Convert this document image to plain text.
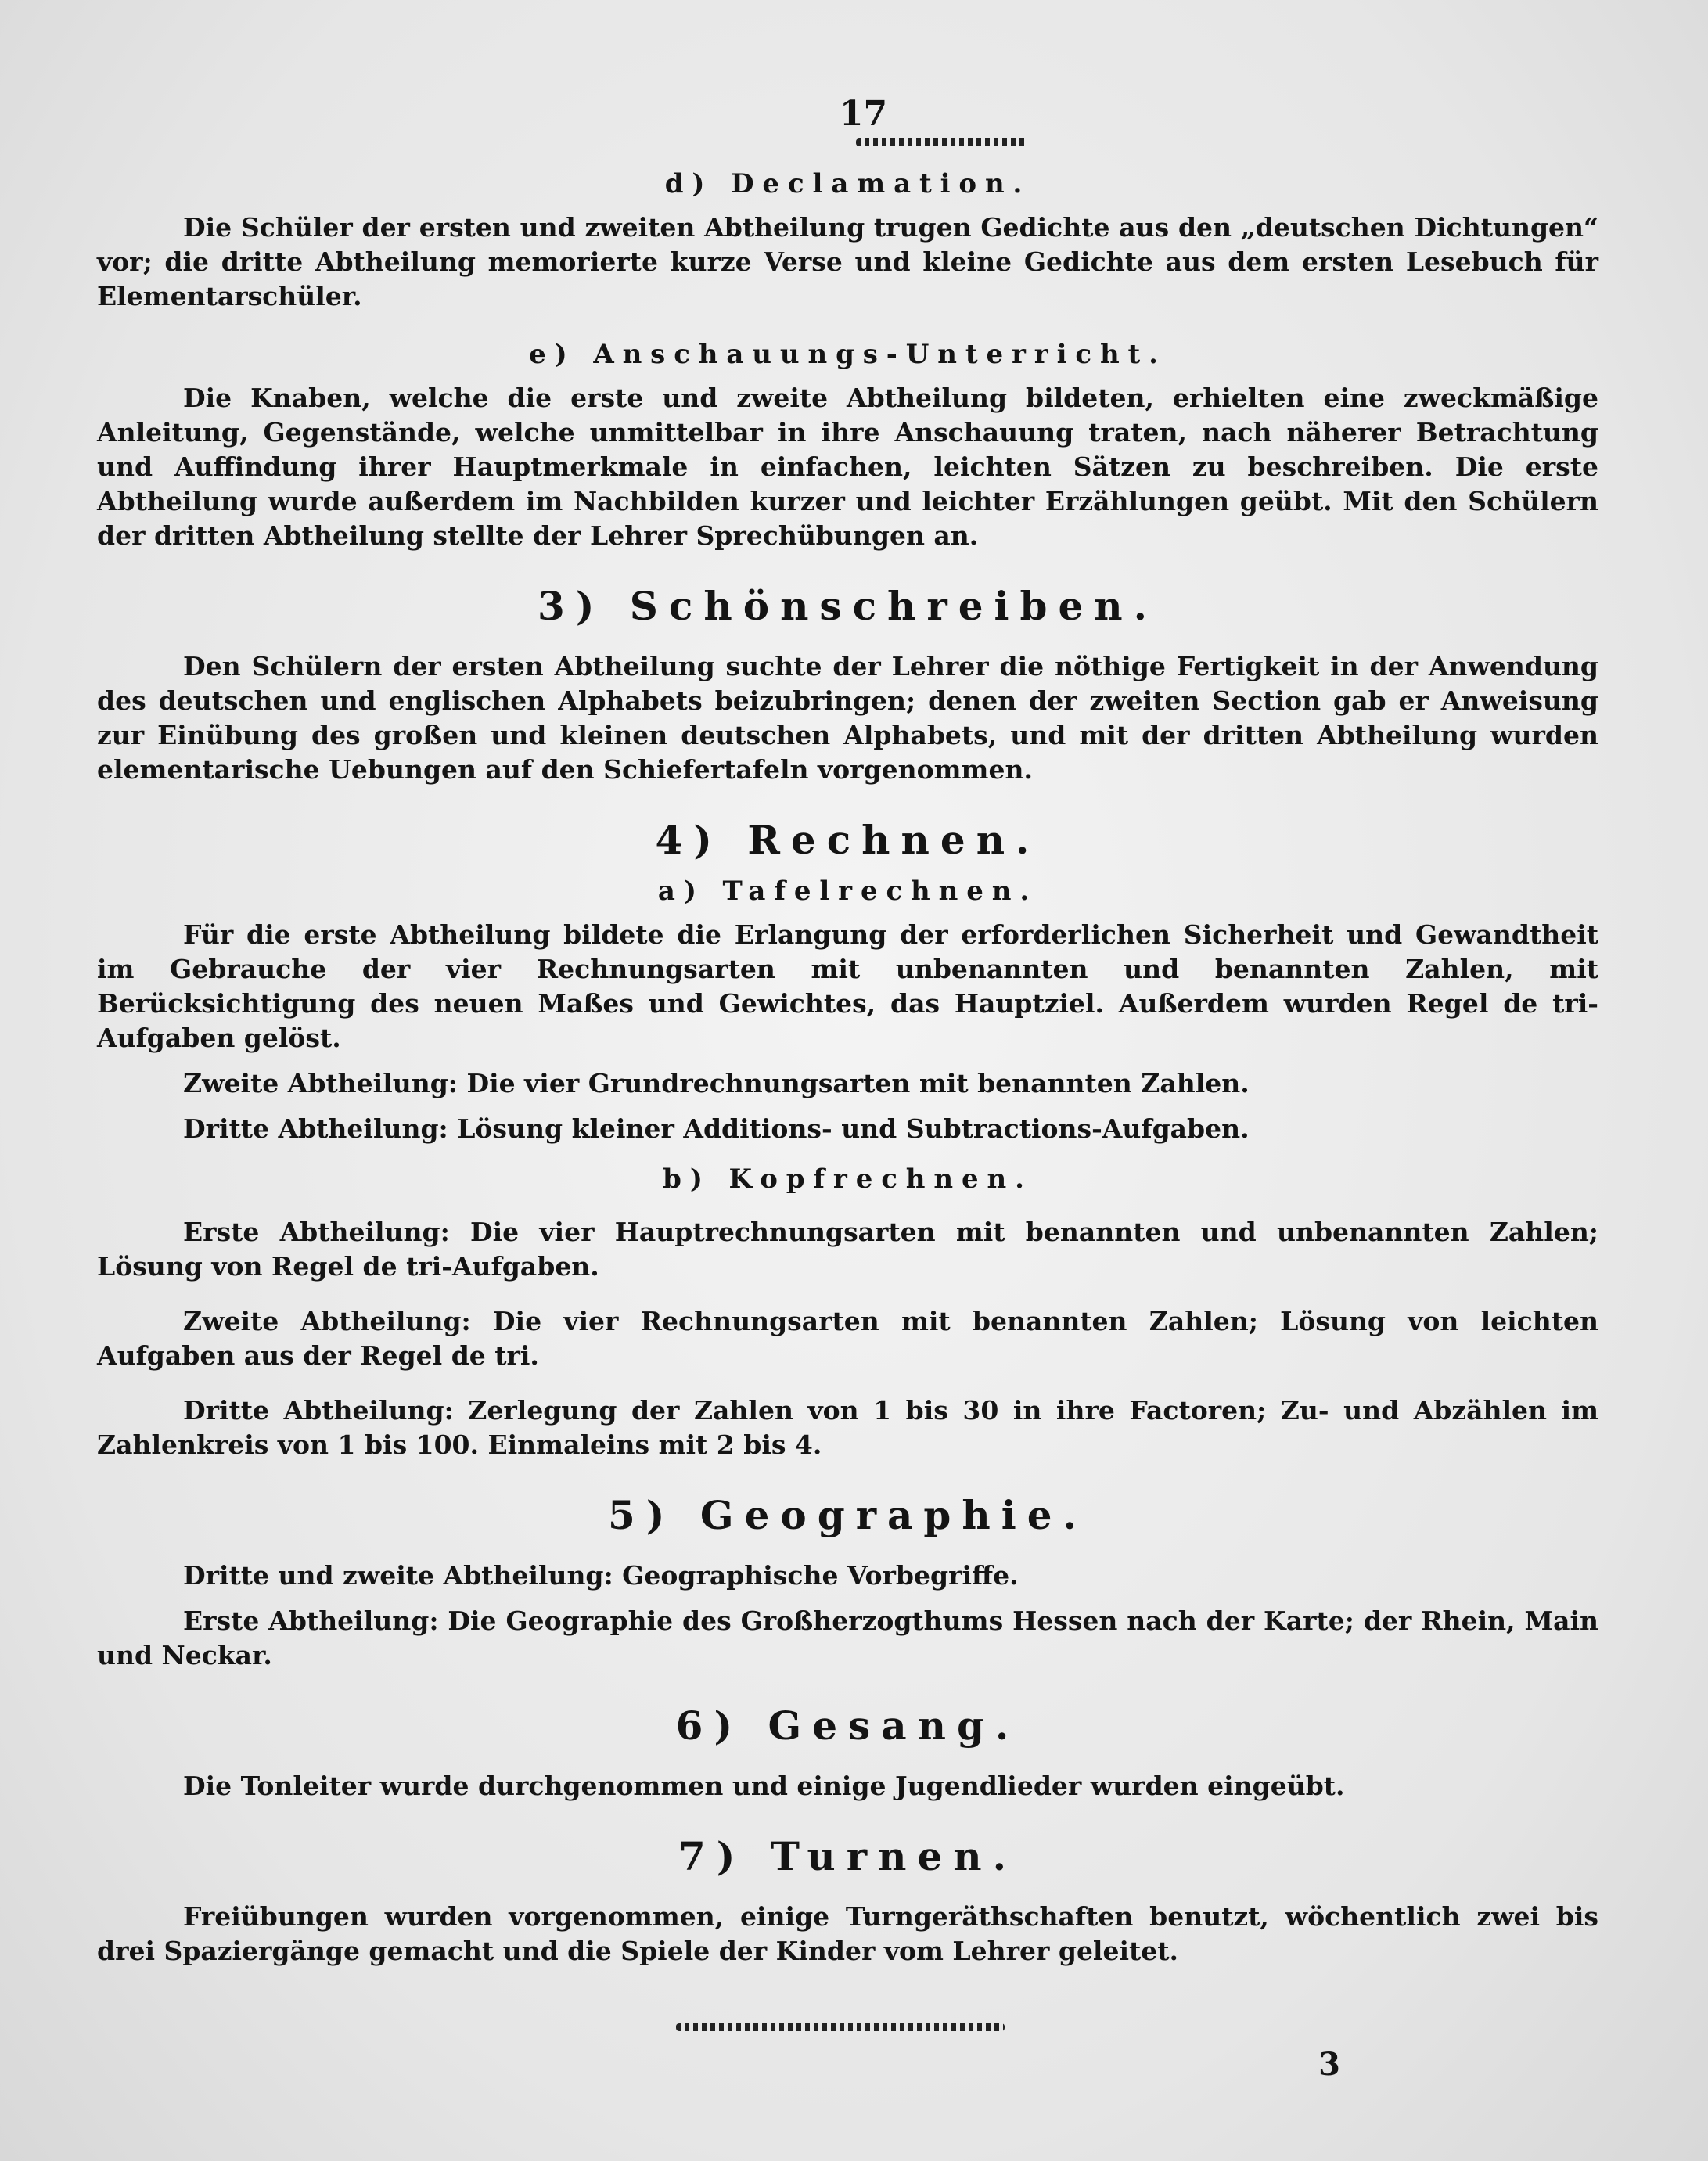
17
d) Declamation.

Die Schüler der ersten und zweiten Abtheilung trugen Gedichte aus den „deutschen Dichtungen“ vor; die dritte Abtheilung memorierte kurze Verse und kleine Gedichte aus dem ersten Lesebuch für Elementarschüler.

e) Anschauungs-Unterricht.

Die Knaben, welche die erste und zweite Abtheilung bildeten, erhielten eine zweckmäßige Anleitung, Gegenstände, welche unmittelbar in ihre Anschauung traten, nach näherer Betrachtung und Auffindung ihrer Hauptmerkmale in einfachen, leichten Sätzen zu beschreiben. Die erste Abtheilung wurde außerdem im Nachbilden kurzer und leichter Erzählungen geübt. Mit den Schülern der dritten Abtheilung stellte der Lehrer Sprechübungen an.

3) Schönschreiben.

Den Schülern der ersten Abtheilung suchte der Lehrer die nöthige Fertigkeit in der Anwendung des deutschen und englischen Alphabets beizubringen; denen der zweiten Section gab er Anweisung zur Einübung des großen und kleinen deutschen Alphabets, und mit der dritten Abtheilung wurden elementarische Uebungen auf den Schiefertafeln vorgenommen.

4) Rechnen.
a) Tafelrechnen.

Für die erste Abtheilung bildete die Erlangung der erforderlichen Sicherheit und Gewandtheit im Gebrauche der vier Rechnungsarten mit unbenannten und benannten Zahlen, mit Berücksichtigung des neuen Maßes und Gewichtes, das Hauptziel. Außerdem wurden Regel de tri-Aufgaben gelöst.

Zweite Abtheilung: Die vier Grundrechnungsarten mit benannten Zahlen.

Dritte Abtheilung: Lösung kleiner Additions- und Subtractions-Aufgaben.

b) Kopfrechnen.

Erste Abtheilung: Die vier Hauptrechnungsarten mit benannten und unbenannten Zahlen; Lösung von Regel de tri-Aufgaben.

Zweite Abtheilung: Die vier Rechnungsarten mit benannten Zahlen; Lösung von leichten Aufgaben aus der Regel de tri.

Dritte Abtheilung: Zerlegung der Zahlen von 1 bis 30 in ihre Factoren; Zu- und Abzählen im Zahlenkreis von 1 bis 100. Einmaleins mit 2 bis 4.

5) Geographie.

Dritte und zweite Abtheilung: Geographische Vorbegriffe.

Erste Abtheilung: Die Geographie des Großherzogthums Hessen nach der Karte; der Rhein, Main und Neckar.

6) Gesang.

Die Tonleiter wurde durchgenommen und einige Jugendlieder wurden eingeübt.

7) Turnen.

Freiübungen wurden vorgenommen, einige Turngeräthschaften benutzt, wöchentlich zwei bis drei Spaziergänge gemacht und die Spiele der Kinder vom Lehrer geleitet.

3
